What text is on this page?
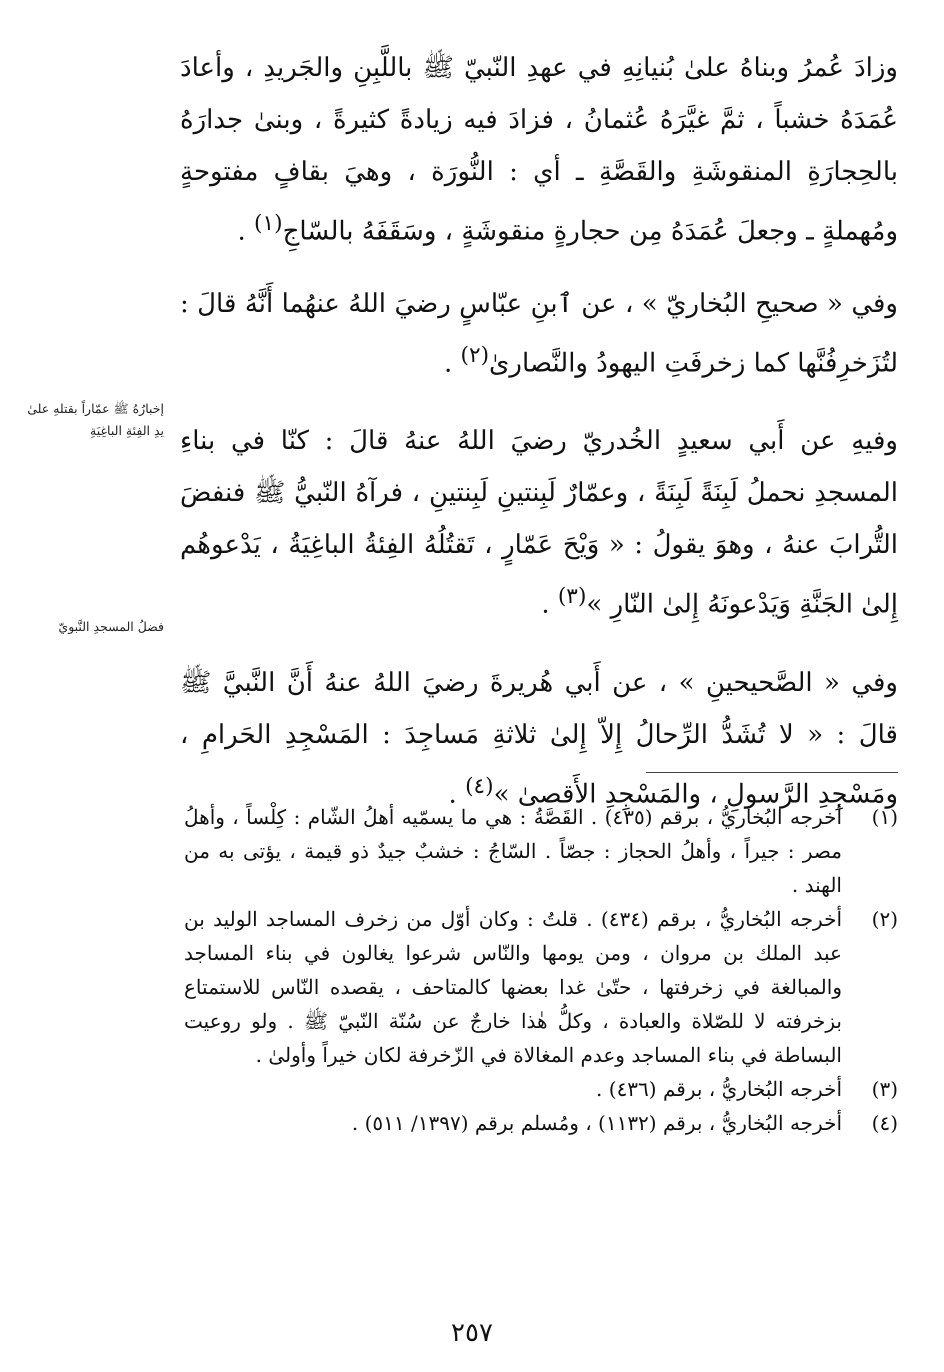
وزادَ عُمرُ وبناهُ علىٰ بُنيانِهِ في عهدِ النّبيّ ﷺ باللَّبِنِ والجَريدِ ، وأعادَ عُمَدَهُ خشباً ، ثمَّ غيَّرَهُ عُثمانُ ، فزادَ فيه زيادةً كثيرةً ، وبنىٰ جدارَهُ بالحِجارَةِ المنقوشَةِ والقَصَّةِ ـ أي : النُّورَة ، وهيَ بقافٍ مفتوحةٍ ومُهملةٍ ـ وجعلَ عُمَدَهُ مِن حجارةٍ منقوشَةٍ ، وسَقَفَهُ بالسّاجِ$^{(١)}$ .

وفي « صحيحِ البُخاريّ » ، عن ٱبنِ عبّاسٍ رضيَ اللهُ عنهُما أَنَّهُ قالَ : لتُزَخرِفُنَّها كما زخرفَتِ اليهودُ والنَّصارىٰ$^{(٢)}$ .

وفيهِ عن أَبي سعيدٍ الخُدريّ رضيَ اللهُ عنهُ قالَ : كنّا في بناءِ المسجدِ نحملُ لَبِنَةً لَبِنَةً ، وعمّارٌ لَبِنتينِ لَبِنتينِ ، فرآهُ النّبيُّ ﷺ فنفضَ التُّرابَ عنهُ ، وهوَ يقولُ : « وَيْحَ عَمّارٍ ، تَقتُلُهُ الفِئةُ الباغِيَةُ ، يَدْعوهُم إِلىٰ الجَنَّةِ وَيَدْعونَهُ إِلىٰ النّارِ »$^{(٣)}$ .

وفي « الصَّحيحينِ » ، عن أَبي هُريرةَ رضيَ اللهُ عنهُ أَنَّ النَّبيَّ ﷺ قالَ : « لا تُشَدُّ الرِّحالُ إِلاّ إِلىٰ ثلاثةِ مَساجِدَ : المَسْجِدِ الحَرامِ ، ومَسْجِدِ الرَّسولِ ، والمَسْجِدِ الأَقصىٰ »$^{(٤)}$ .

إخبارُهُ ﷺ عمّاراً بقتلهِ علىٰ يدِ الفِئةِ الباغِيَةِ
فضلُ المسجدِ النَّبويّ
(١)
أخرجه البُخاريُّ ، برقم (٤٣٥) . القَصَّةُ : هي ما يسمّيه أهلُ الشّام : كِلْساً ، وأهلُ مصر : جيراً ، وأهلُ الحجاز : جصّاً . السّاجُ : خشبٌ جيدٌ ذو قيمة ، يؤتى به من الهند .
(٢)
أخرجه البُخاريُّ ، برقم (٤٣٤) . قلتُ : وكان أوّل من زخرف المساجد الوليد بن عبد الملك بن مروان ، ومن يومها والنّاس شرعوا يغالون في بناء المساجد والمبالغة في زخرفتها ، حتّىٰ غدا بعضها كالمتاحف ، يقصده النّاس للاستمتاع بزخرفته لا للصّلاة والعبادة ، وكلُّ هٰذا خارجٌ عن سُنّة النّبيّ ﷺ . ولو روعيت البساطة في بناء المساجد وعدم المغالاة في الزّخرفة لكان خيراً وأولىٰ .
(٣)
أخرجه البُخاريُّ ، برقم (٤٣٦) .
(٤)
أخرجه البُخاريُّ ، برقم (١١٣٢) ، ومُسلم برقم (١٣٩٧/ ٥١١) .
٢٥٧
